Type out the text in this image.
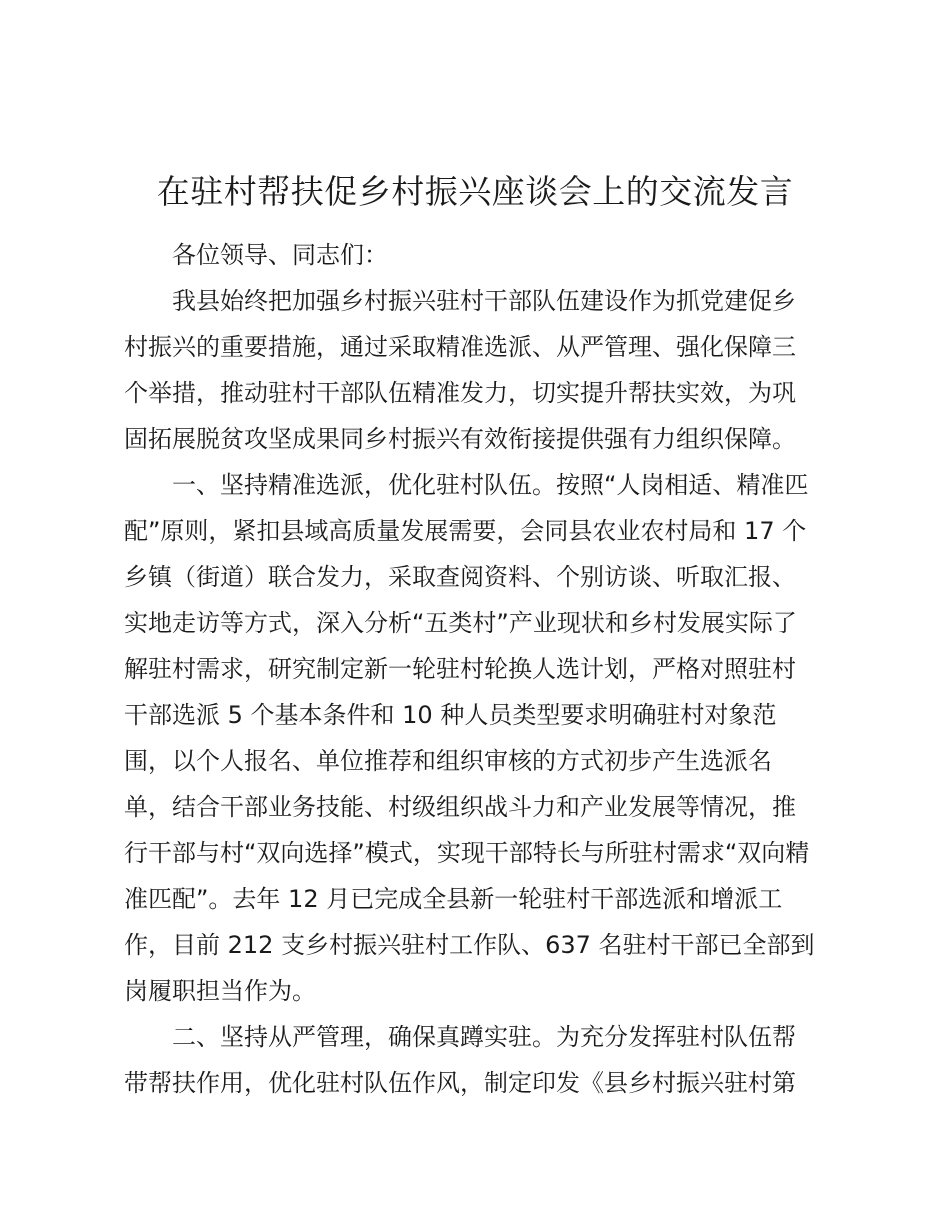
在驻村帮扶促乡村振兴座谈会上的交流发言

各位领导、同志们：

我县始终把加强乡村振兴驻村干部队伍建设作为抓党建促乡

村振兴的重要措施，通过采取精准选派、从严管理、强化保障三

个举措，推动驻村干部队伍精准发力，切实提升帮扶实效，为巩

固拓展脱贫攻坚成果同乡村振兴有效衔接提供强有力组织保障。

一、坚持精准选派，优化驻村队伍。按照“人岗相适、精准匹

配”原则，紧扣县域高质量发展需要，会同县农业农村局和 17 个

乡镇（街道）联合发力，采取查阅资料、个别访谈、听取汇报、

实地走访等方式，深入分析“五类村”产业现状和乡村发展实际了

解驻村需求，研究制定新一轮驻村轮换人选计划，严格对照驻村

干部选派 5 个基本条件和 10 种人员类型要求明确驻村对象范

围，以个人报名、单位推荐和组织审核的方式初步产生选派名

单，结合干部业务技能、村级组织战斗力和产业发展等情况，推

行干部与村“双向选择”模式，实现干部特长与所驻村需求“双向精

准匹配”。去年 12 月已完成全县新一轮驻村干部选派和增派工

作，目前 212 支乡村振兴驻村工作队、637 名驻村干部已全部到

岗履职担当作为。

二、坚持从严管理，确保真蹲实驻。为充分发挥驻村队伍帮

带帮扶作用，优化驻村队伍作风，制定印发《县乡村振兴驻村第
